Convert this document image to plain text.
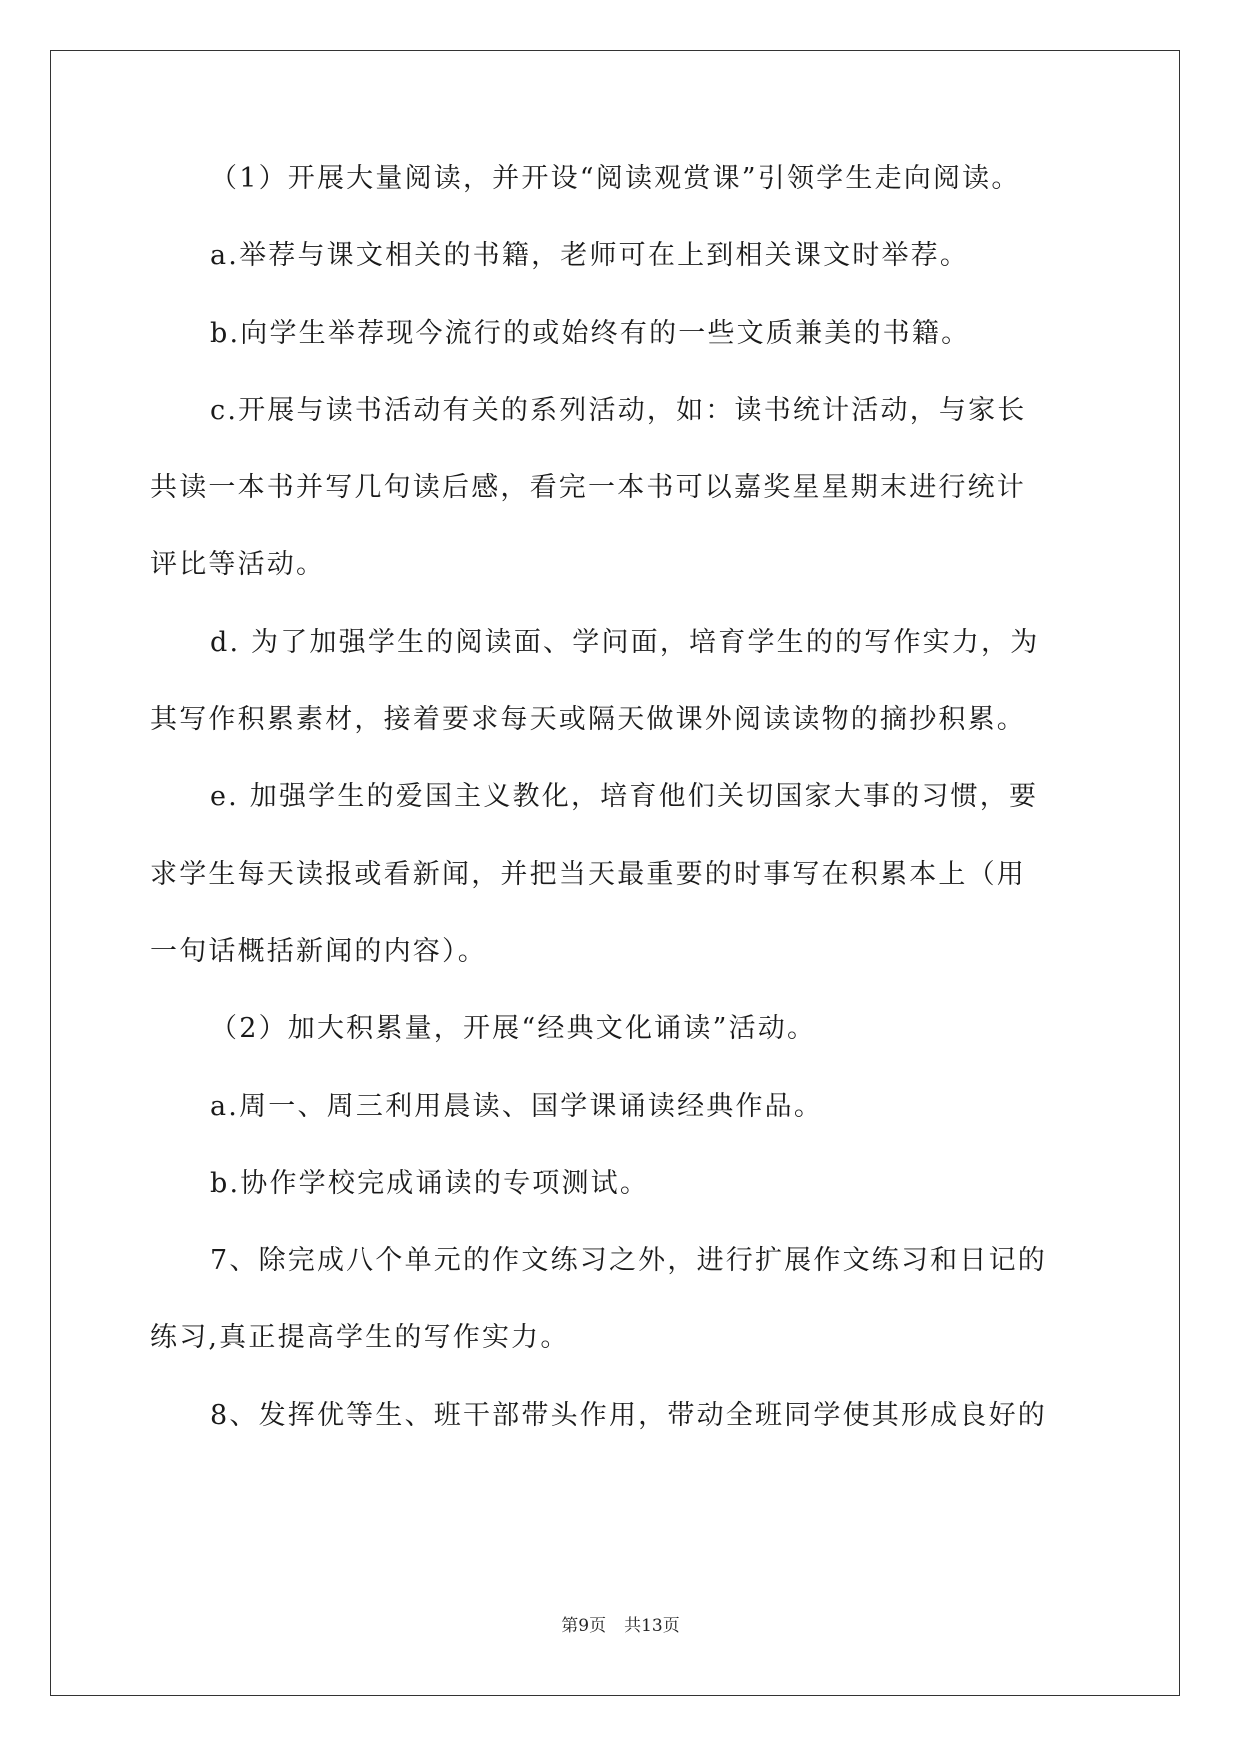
（1）开展大量阅读，并开设“阅读观赏课”引领学生走向阅读。
a.举荐与课文相关的书籍，老师可在上到相关课文时举荐。
b.向学生举荐现今流行的或始终有的一些文质兼美的书籍。
c.开展与读书活动有关的系列活动，如：读书统计活动，与家长
共读一本书并写几句读后感，看完一本书可以嘉奖星星期末进行统计
评比等活动。
d. 为了加强学生的阅读面、学问面，培育学生的的写作实力，为
其写作积累素材，接着要求每天或隔天做课外阅读读物的摘抄积累。
e. 加强学生的爱国主义教化，培育他们关切国家大事的习惯，要
求学生每天读报或看新闻，并把当天最重要的时事写在积累本上（用
一句话概括新闻的内容）。
（2）加大积累量，开展“经典文化诵读”活动。
a.周一、周三利用晨读、国学课诵读经典作品。
b.协作学校完成诵读的专项测试。
7、除完成八个单元的作文练习之外，进行扩展作文练习和日记的
练习,真正提高学生的写作实力。
8、发挥优等生、班干部带头作用，带动全班同学使其形成良好的
第9页 共13页
